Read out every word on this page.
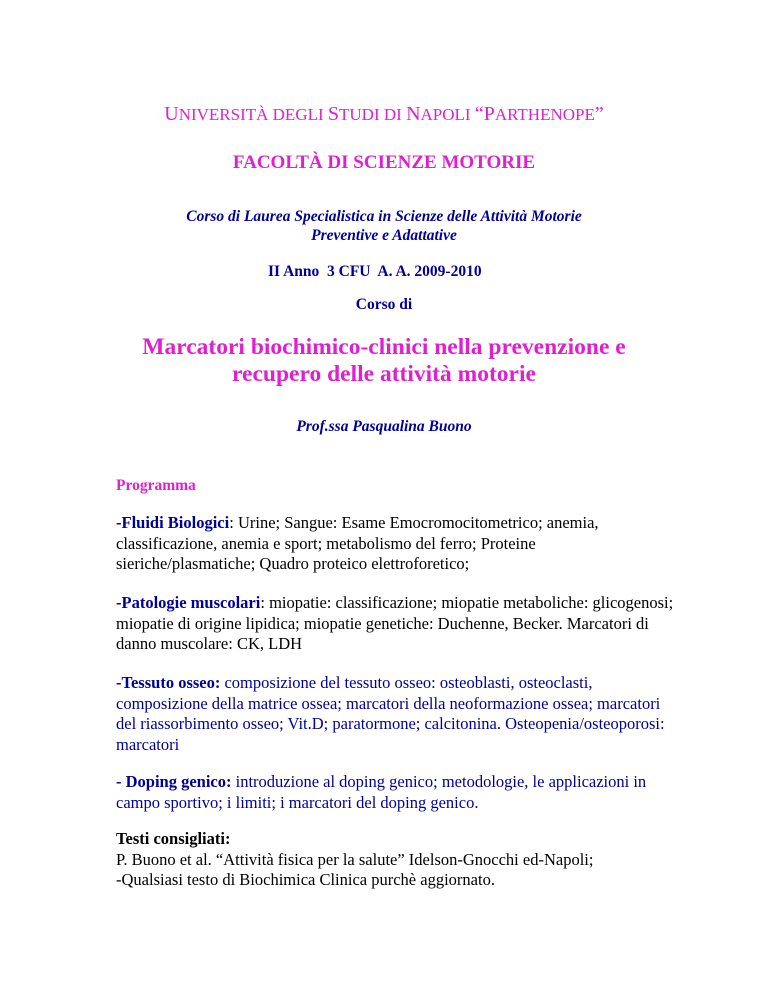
UNIVERSITÀ DEGLI STUDI DI NAPOLI “PARTHENOPE”
FACOLTÀ DI SCIENZE MOTORIE
Corso di Laurea Specialistica in Scienze delle Attività Motorie
Preventive e Adattative
II Anno  3 CFU  A. A. 2009-2010
Corso di
Marcatori biochimico-clinici nella prevenzione e
recupero delle attività motorie
Prof.ssa Pasqualina Buono
Programma
-Fluidi Biologici: Urine; Sangue: Esame Emocromocitometrico; anemia, classificazione, anemia e sport; metabolismo del ferro; Proteine sieriche/plasmatiche; Quadro proteico elettroforetico;
-Patologie muscolari: miopatie: classificazione; miopatie metaboliche: glicogenosi; miopatie di origine lipidica; miopatie genetiche: Duchenne, Becker. Marcatori di danno muscolare: CK, LDH
-Tessuto osseo: composizione del tessuto osseo: osteoblasti, osteoclasti, composizione della matrice ossea; marcatori della neoformazione ossea; marcatori del riassorbimento osseo; Vit.D; paratormone; calcitonina. Osteopenia/osteoporosi: marcatori
- Doping genico: introduzione al doping genico; metodologie, le applicazioni in campo sportivo; i limiti; i marcatori del doping genico.
Testi consigliati:
P. Buono et al. “Attività fisica per la salute” Idelson-Gnocchi ed-Napoli;
-Qualsiasi testo di Biochimica Clinica purchè aggiornato.
